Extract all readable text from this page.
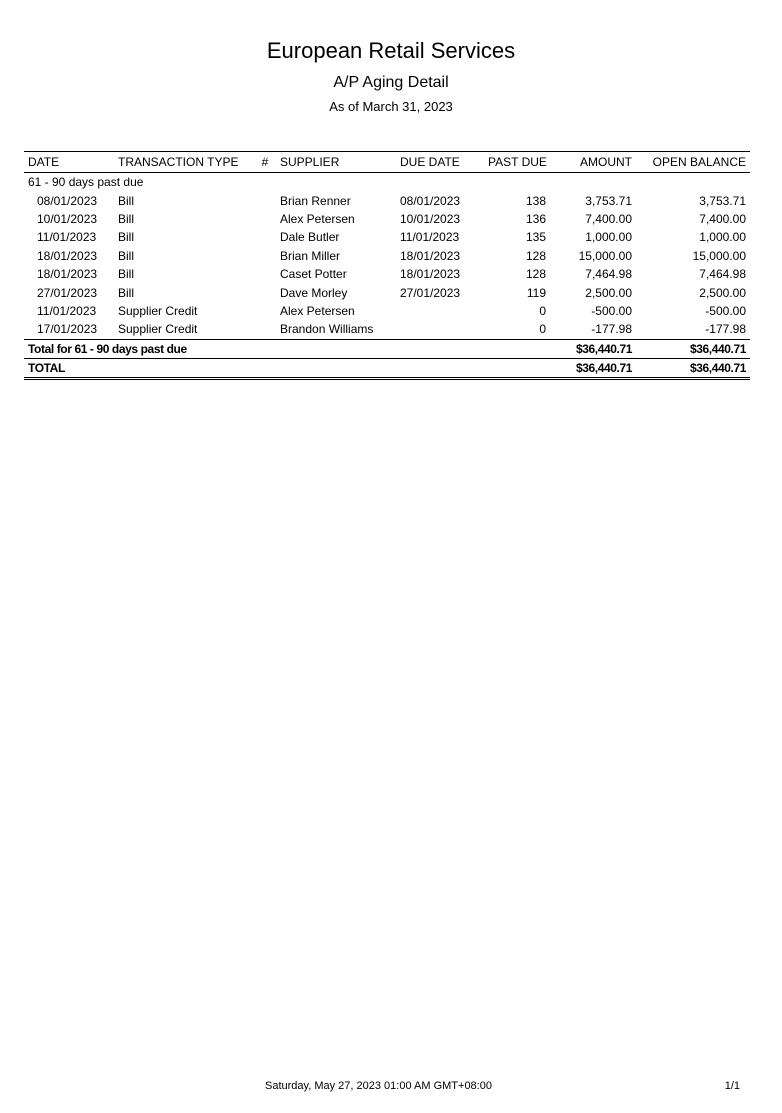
European Retail Services
A/P Aging Detail
As of March 31, 2023
DATE	TRANSACTION TYPE	#	SUPPLIER	DUE DATE	PAST DUE	AMOUNT	OPEN BALANCE
61 - 90 days past due							
08/01/2023	Bill		Brian Renner	08/01/2023	138	3,753.71	3,753.71
10/01/2023	Bill		Alex Petersen	10/01/2023	136	7,400.00	7,400.00
11/01/2023	Bill		Dale Butler	11/01/2023	135	1,000.00	1,000.00
18/01/2023	Bill		Brian Miller	18/01/2023	128	15,000.00	15,000.00
18/01/2023	Bill		Caset Potter	18/01/2023	128	7,464.98	7,464.98
27/01/2023	Bill		Dave Morley	27/01/2023	119	2,500.00	2,500.00
11/01/2023	Supplier Credit		Alex Petersen		0	-500.00	-500.00
17/01/2023	Supplier Credit		Brandon Williams		0	-177.98	-177.98
Total for 61 - 90 days past due						$36,440.71	$36,440.71
TOTAL						$36,440.71	$36,440.71
Saturday, May 27, 2023 01:00 AM GMT+08:00	1/1
